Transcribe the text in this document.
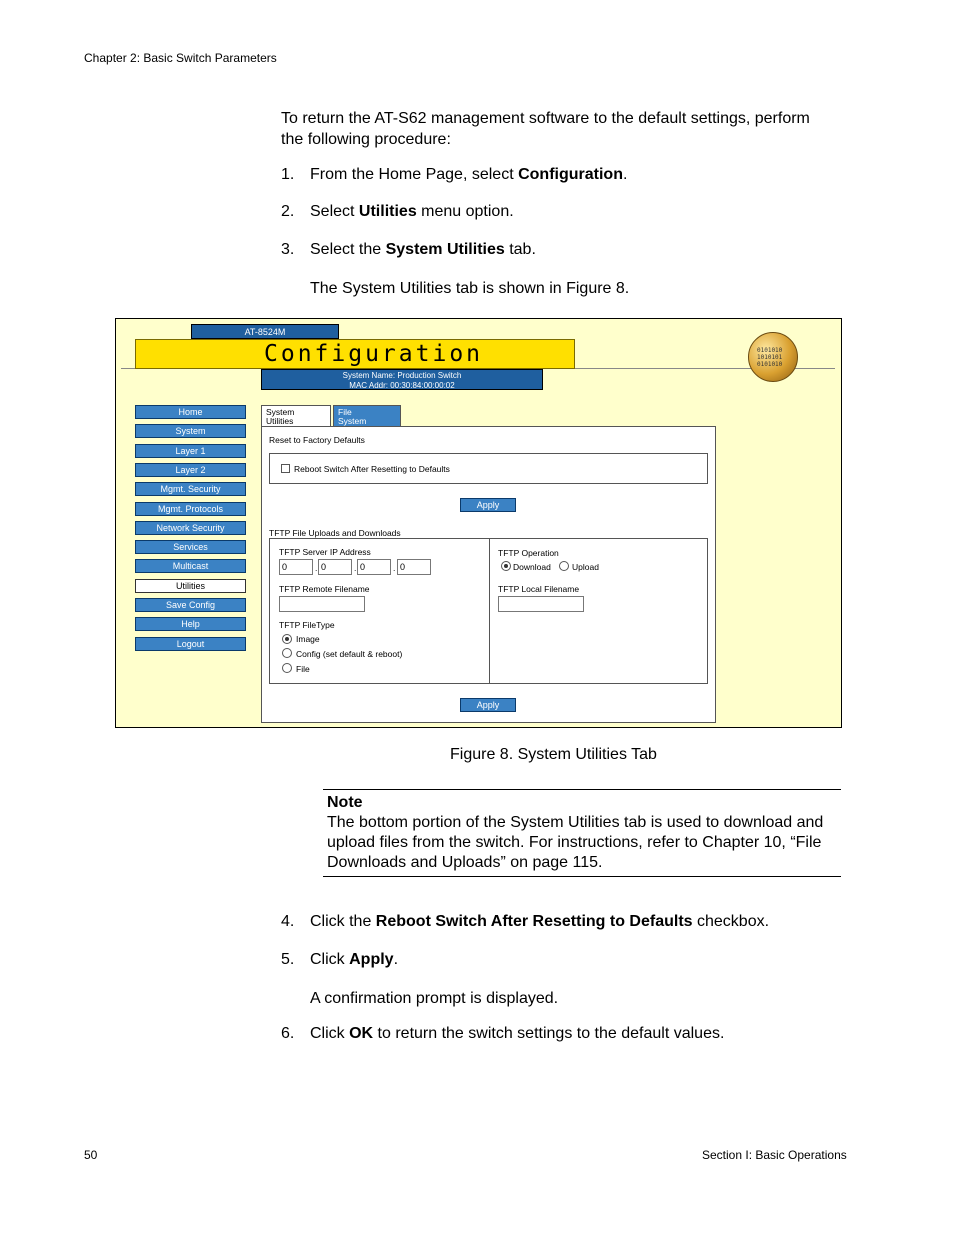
Chapter 2: Basic Switch Parameters
To return the AT-S62 management software to the default settings, perform the following procedure:
1. From the Home Page, select Configuration.
2. Select Utilities menu option.
3. Select the System Utilities tab.
The System Utilities tab is shown in Figure 8.
AT-8524M
Configuration
System Name: Production Switch
MAC Addr: 00:30:84:00:00:02
0101010
1010101
0101010
Home
System
Layer 1
Layer 2
Mgmt. Security
Mgmt. Protocols
Network Security
Services
Multicast
Utilities
Save Config
Help
Logout
System
Utilities
File
System
Reset to Factory Defaults
Reboot Switch After Resetting to Defaults
Apply
TFTP File Uploads and Downloads
TFTP Server IP Address
0	. 0	. 0	. 0
TFTP Remote Filename
TFTP FileType
Image
Config (set default & reboot)
File
TFTP Operation
Download Upload
TFTP Local Filename
Apply
Figure 8. System Utilities Tab
Note
The bottom portion of the System Utilities tab is used to download and upload files from the switch. For instructions, refer to Chapter 10, “File Downloads and Uploads” on page 115.
4. Click the Reboot Switch After Resetting to Defaults checkbox.
5. Click Apply.
A confirmation prompt is displayed.
6. Click OK to return the switch settings to the default values.
50	Section I: Basic Operations
